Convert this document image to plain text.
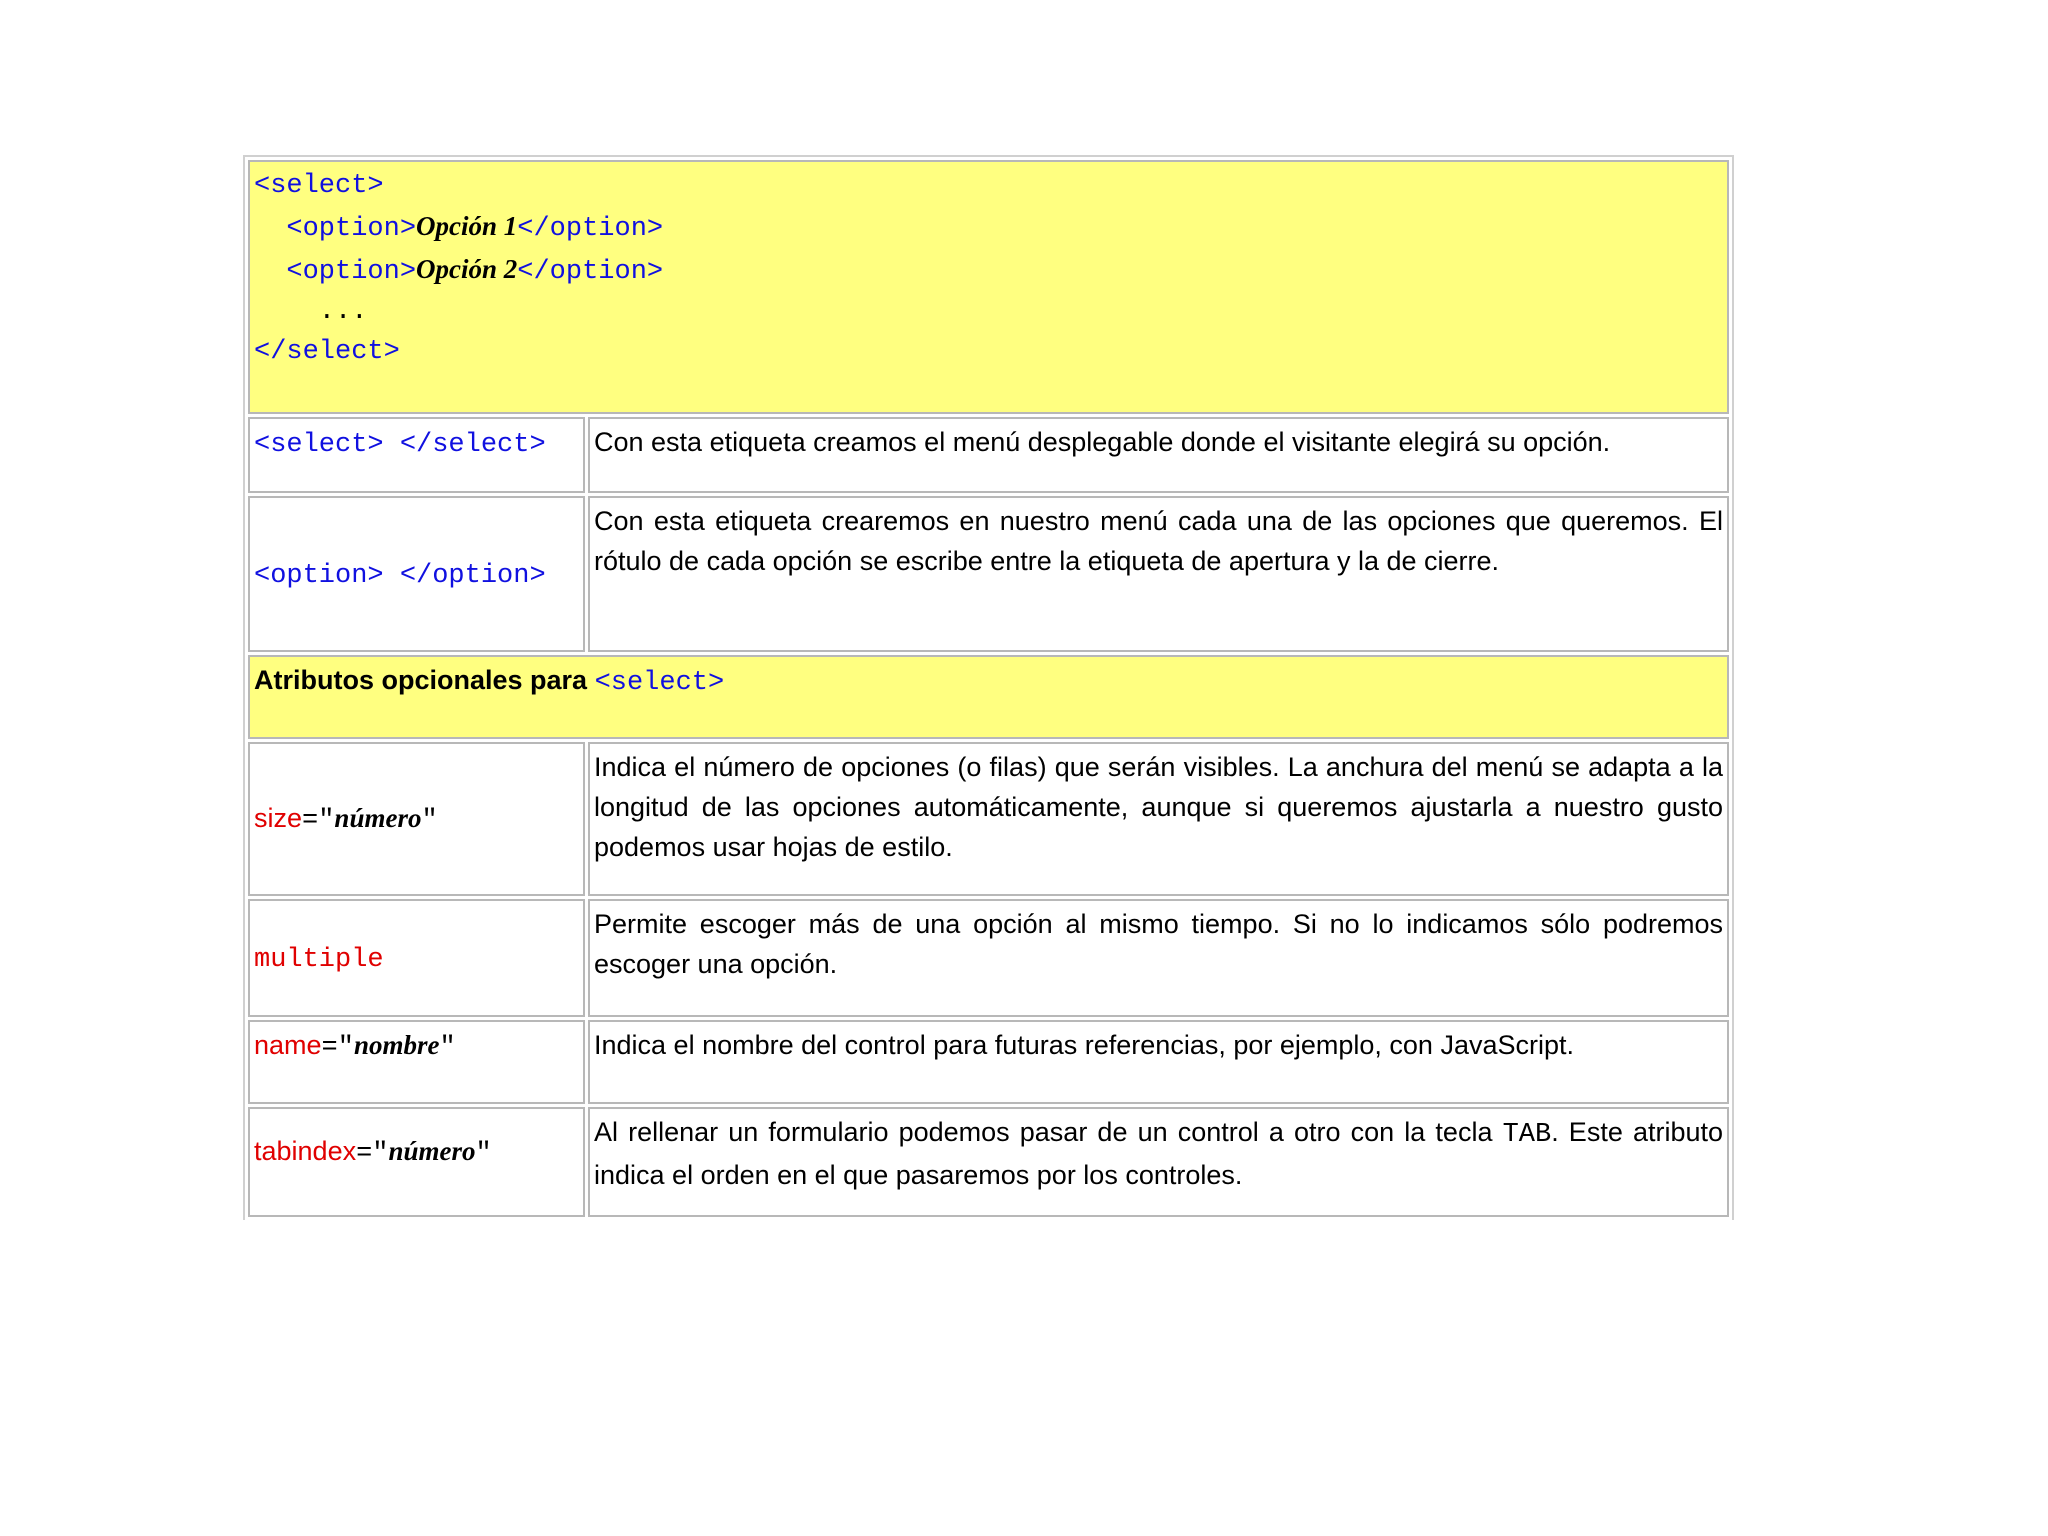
<select>
<option>Opción 1</option>
<option>Opción 2</option>
...
</select>	

<select> </select>	Con esta etiqueta creamos el menú desplegable donde el visitante elegirá su opción.
<option> </option>	Con esta etiqueta crearemos en nuestro menú cada una de las opciones que queremos. El rótulo de cada opción se escribe entre la etiqueta de apertura y la de cierre.
Atributos opcionales para <select>	
size="número"	Indica el número de opciones (o filas) que serán visibles. La anchura del menú se adapta a la longitud de las opciones automáticamente, aunque si queremos ajustarla a nuestro gusto podemos usar hojas de estilo.
multiple	Permite escoger más de una opción al mismo tiempo. Si no lo indicamos sólo podremos escoger una opción.
name="nombre"	Indica el nombre del control para futuras referencias, por ejemplo, con JavaScript.
tabindex="número"	Al rellenar un formulario podemos pasar de un control a otro con la tecla TAB. Este atributo indica el orden en el que pasaremos por los controles.
